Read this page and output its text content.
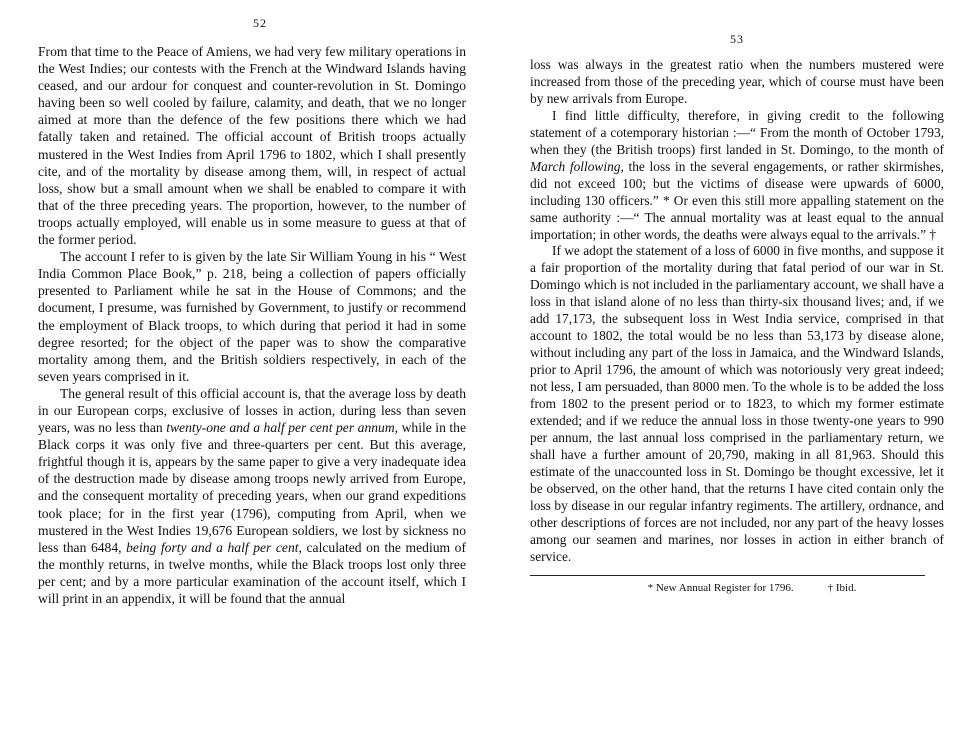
52

From that time to the Peace of Amiens, we had very few military operations in the West Indies; our contests with the French at the Windward Islands having ceased, and our ardour for conquest and counter-revolution in St. Domingo having been so well cooled by failure, calamity, and death, that we no longer aimed at more than the defence of the few positions there which we had fatally taken and retained. The official account of British troops actually mustered in the West Indies from April 1796 to 1802, which I shall presently cite, and of the mortality by disease among them, will, in respect of actual loss, show but a small amount when we shall be enabled to compare it with that of the three preceding years. The proportion, however, to the number of troops actually employed, will enable us in some measure to guess at that of the former period.

The account I refer to is given by the late Sir William Young in his “ West India Common Place Book,” p. 218, being a collection of papers officially presented to Parliament while he sat in the House of Commons; and the document, I presume, was furnished by Government, to justify or recommend the employment of Black troops, to which during that period it had in some degree resorted; for the object of the paper was to show the comparative mortality among them, and the British soldiers respectively, in each of the seven years comprised in it.

The general result of this official account is, that the average loss by death in our European corps, exclusive of losses in action, during less than seven years, was no less than twenty-one and a half per cent per annum, while in the Black corps it was only five and three-quarters per cent. But this average, frightful though it is, appears by the same paper to give a very inadequate idea of the destruction made by disease among troops newly arrived from Europe, and the consequent mortality of preceding years, when our grand expeditions took place; for in the first year (1796), computing from April, when we mustered in the West Indies 19,676 European soldiers, we lost by sickness no less than 6484, being forty and a half per cent, calculated on the medium of the monthly returns, in twelve months, while the Black troops lost only three per cent; and by a more particular examination of the account itself, which I will print in an appendix, it will be found that the annual

53

loss was always in the greatest ratio when the numbers mustered were increased from those of the preceding year, which of course must have been by new arrivals from Europe.

I find little difficulty, therefore, in giving credit to the following statement of a cotemporary historian :—“ From the month of October 1793, when they (the British troops) first landed in St. Domingo, to the month of March following, the loss in the several engagements, or rather skirmishes, did not exceed 100; but the victims of disease were upwards of 6000, including 130 officers.” * Or even this still more appalling statement on the same authority :—“ The annual mortality was at least equal to the annual importation; in other words, the deaths were always equal to the arrivals.” †

If we adopt the statement of a loss of 6000 in five months, and suppose it a fair proportion of the mortality during that fatal period of our war in St. Domingo which is not included in the parliamentary account, we shall have a loss in that island alone of no less than thirty-six thousand lives; and, if we add 17,173, the subsequent loss in West India service, comprised in that account to 1802, the total would be no less than 53,173 by disease alone, without including any part of the loss in Jamaica, and the Windward Islands, prior to April 1796, the amount of which was notoriously very great indeed; not less, I am persuaded, than 8000 men. To the whole is to be added the loss from 1802 to the present period or to 1823, to which my former estimate extended; and if we reduce the annual loss in those twenty-one years to 990 per annum, the last annual loss comprised in the parliamentary return, we shall have a further amount of 20,790, making in all 81,963. Should this estimate of the unaccounted loss in St. Domingo be thought excessive, let it be observed, on the other hand, that the returns I have cited contain only the loss by disease in our regular infantry regiments. The artillery, ordnance, and other descriptions of forces are not included, nor any part of the heavy losses among our seamen and marines, nor losses in action in either branch of service.

* New Annual Register for 1796.	† Ibid.
